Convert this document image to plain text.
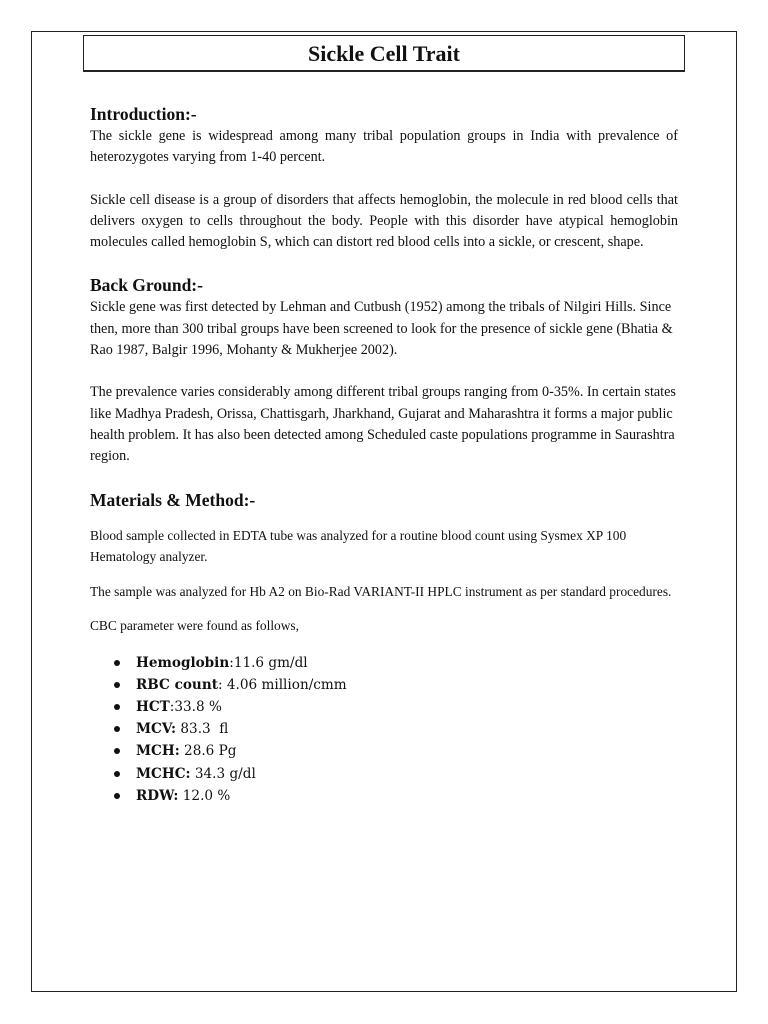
Sickle Cell Trait
Introduction:-

The sickle gene is widespread among many tribal population groups in India with prevalence of heterozygotes varying from 1-40 percent.

Sickle cell disease is a group of disorders that affects hemoglobin, the molecule in red blood cells that delivers oxygen to cells throughout the body. People with this disorder have atypical hemoglobin molecules called hemoglobin S, which can distort red blood cells into a sickle, or crescent, shape.

Back Ground:-

Sickle gene was first detected by Lehman and Cutbush (1952) among the tribals of Nilgiri Hills. Since then, more than 300 tribal groups have been screened to look for the presence of sickle gene (Bhatia & Rao 1987, Balgir 1996, Mohanty & Mukherjee 2002).

The prevalence varies considerably among different tribal groups ranging from 0-35%. In certain states like Madhya Pradesh, Orissa, Chattisgarh, Jharkhand, Gujarat and Maharashtra it forms a major public health problem. It has also been detected among Scheduled caste populations programme in Saurashtra region.

Materials & Method:-

Blood sample collected in EDTA tube was analyzed for a routine blood count using Sysmex XP 100 Hematology analyzer.

The sample was analyzed for Hb A2 on Bio-Rad VARIANT-II HPLC instrument as per standard procedures.

CBC parameter were found as follows,

Hemoglobin:11.6 gm/dl
RBC count: 4.06 million/cmm
HCT:33.8 %
MCV: 83.3  fl
MCH: 28.6 Pg
MCHC: 34.3 g/dl
RDW: 12.0 %
